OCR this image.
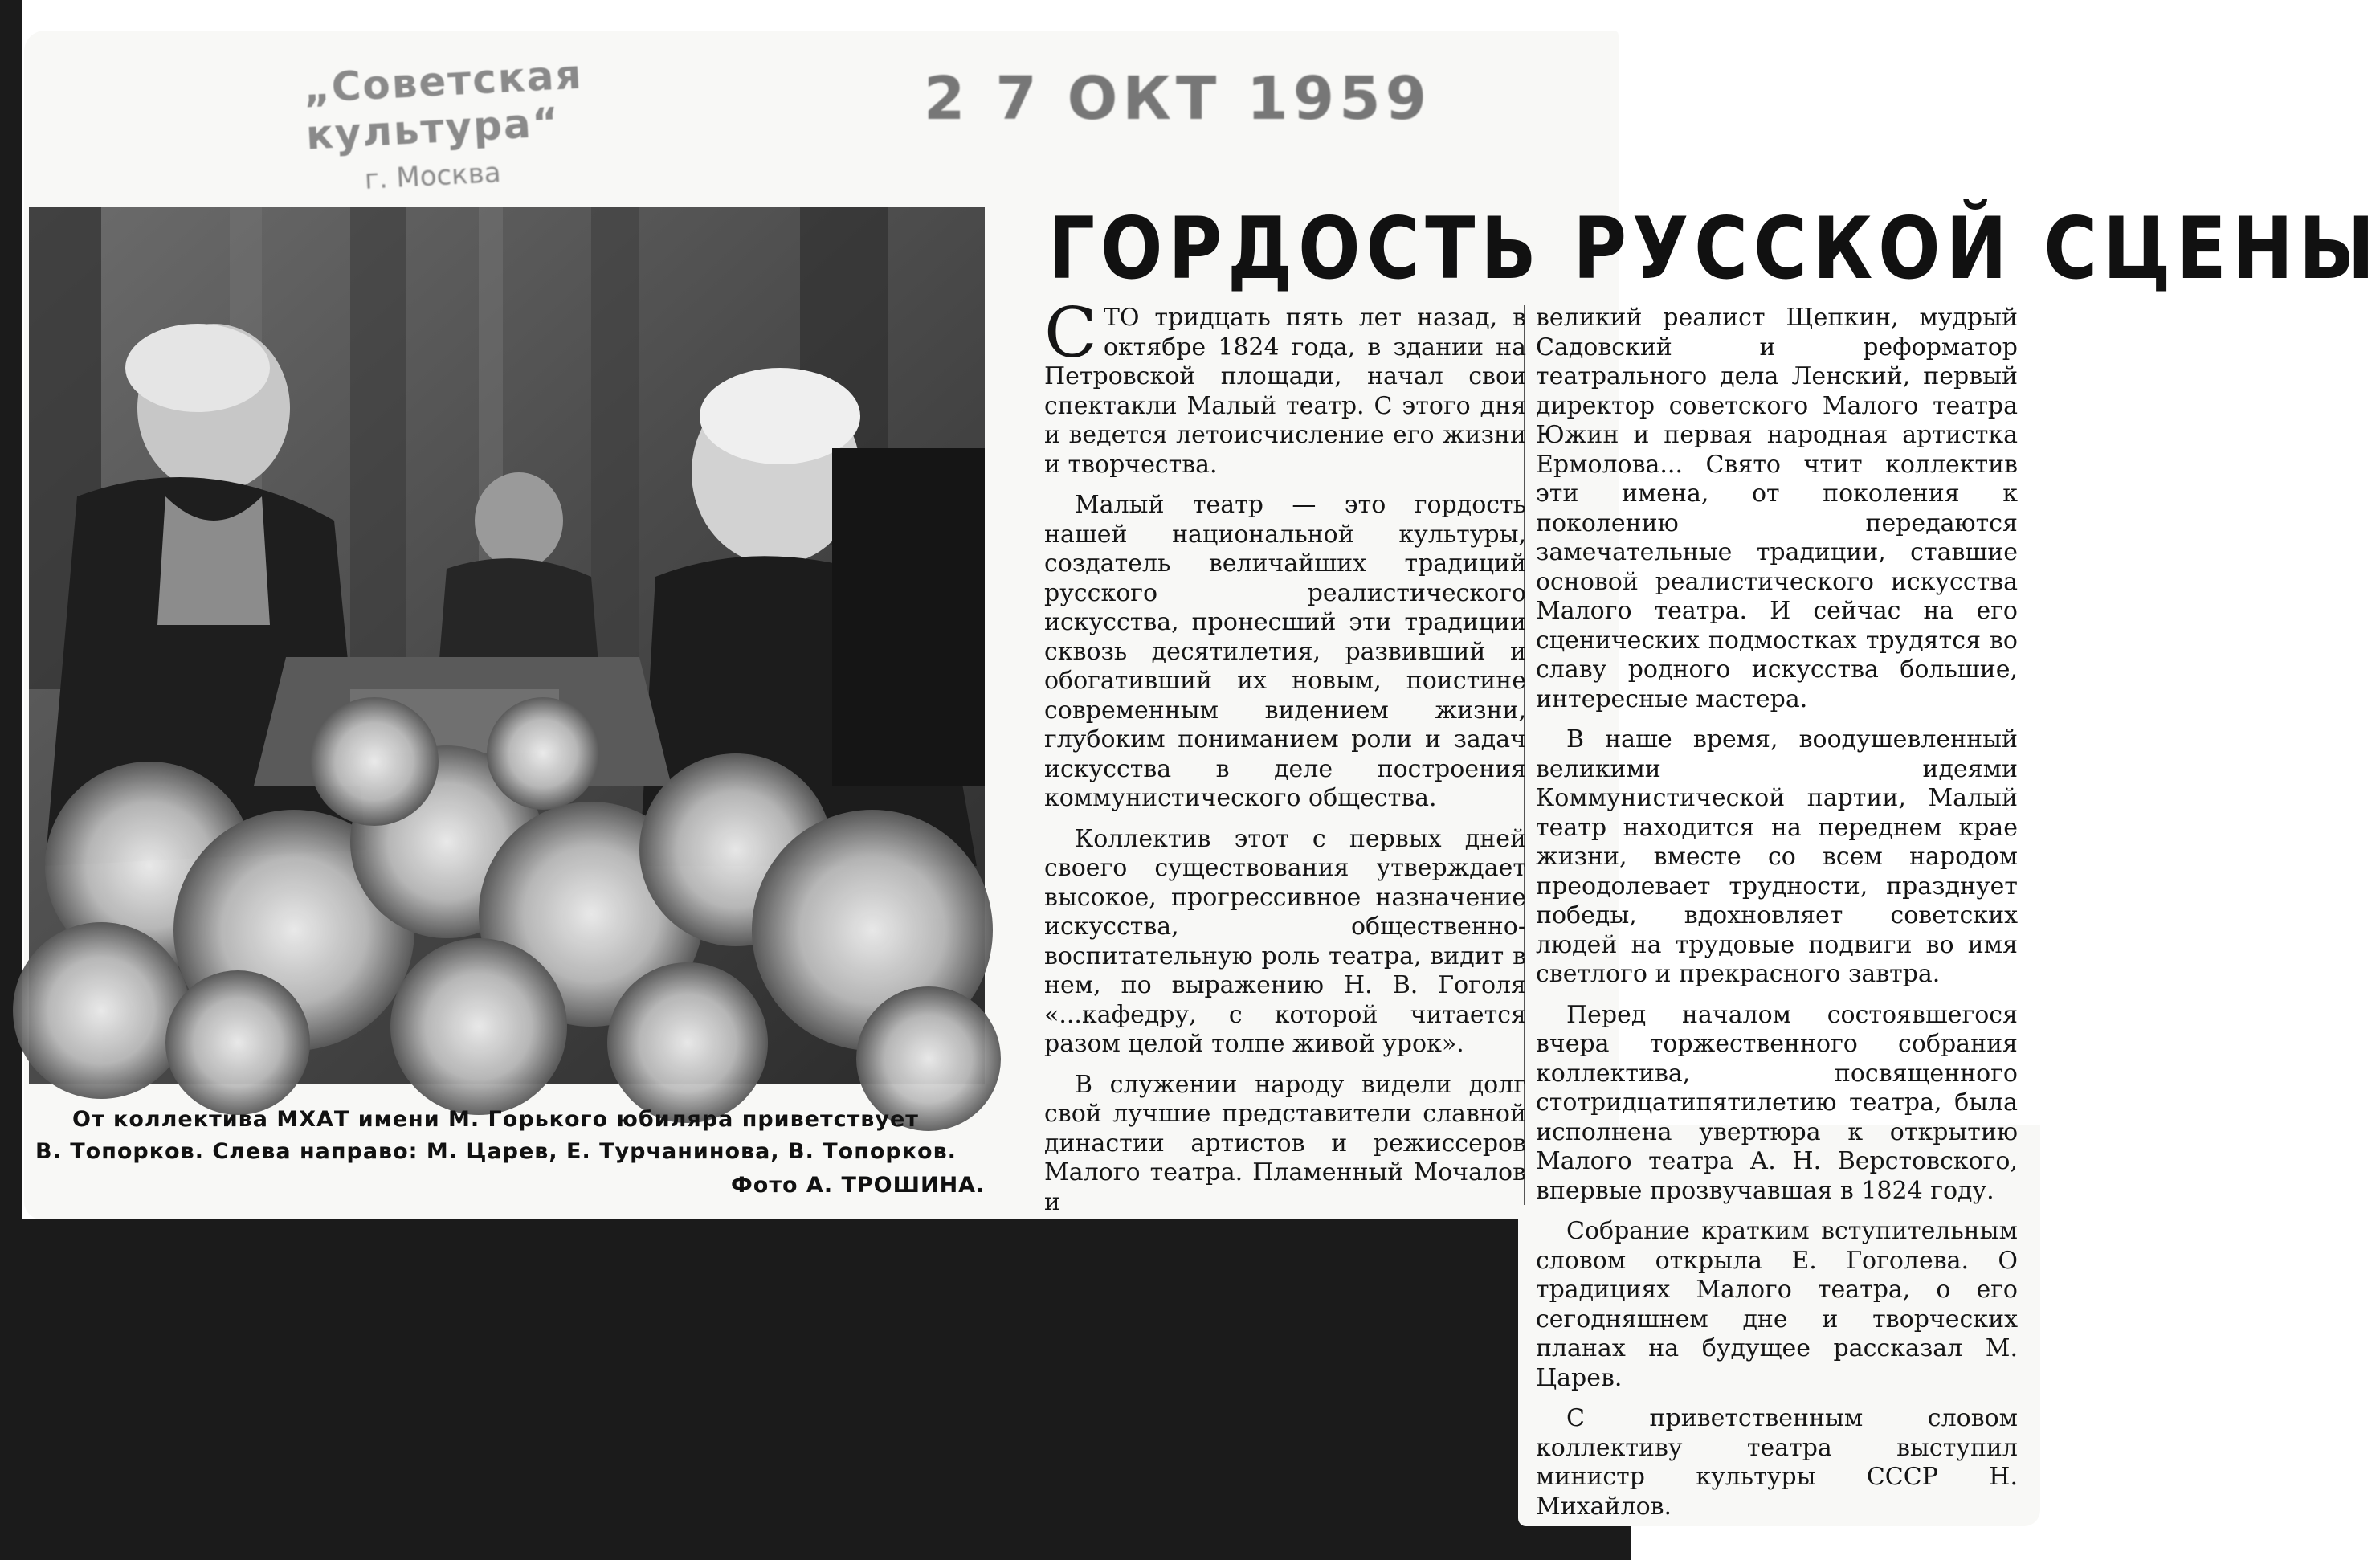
„Советская культура“
г. Москва
2 7 ОКТ 1959
От коллектива МХАТ имени М. Горького юбиляра приветствует
В. Топорков. Слева направо: М. Царев, Е. Турчанинова, В. Топорков.
Фото А. ТРОШИНА.
ГОРДОСТЬ РУССКОЙ СЦЕНЫ

СТО тридцать пять лет назад, в октябре 1824 года, в здании на Петровской площади, начал свои спектакли Малый театр. С этого дня и ведется летоисчисление его жизни и творчества.

Малый театр — это гордость нашей национальной культуры, создатель величайших традиций русского реалистического искусства, пронесший эти традиции сквозь десятилетия, развивший и обогативший их новым, поистине современным видением жизни, глубоким пониманием роли и задач искусства в деле построения коммунистического общества.

Коллектив этот с первых дней своего существования утверждает высокое, прогрессивное назначение искусства, общественно-воспитательную роль театра, видит в нем, по выражению Н. В. Гоголя «...кафедру, с которой читается разом целой толпе живой урок».

В служении народу видели долг свой лучшие представители славной династии артистов и режиссеров Малого театра. Пламенный Мочалов и

великий реалист Щепкин, мудрый Садовский и реформатор театрального дела Ленский, первый директор советского Малого театра Южин и первая народная артистка Ермолова... Свято чтит коллектив эти имена, от поколения к поколению передаются замечательные традиции, ставшие основой реалистического искусства Малого театра. И сейчас на его сценических подмостках трудятся во славу родного искусства большие, интересные мастера.

В наше время, воодушевленный великими идеями Коммунистической партии, Малый театр находится на переднем крае жизни, вместе со всем народом преодолевает трудности, празднует победы, вдохновляет советских людей на трудовые подвиги во имя светлого и прекрасного завтра.

Перед началом состоявшегося вчера торжественного собрания коллектива, посвященного стотридцатипятилетию театра, была исполнена увертюра к открытию Малого театра А. Н. Верстовского, впервые прозвучавшая в 1824 году.

Собрание кратким вступительным словом открыла Е. Гоголева. О традициях Малого театра, о его сегодняшнем дне и творческих планах на будущее рассказал М. Царев.

С приветственным словом коллективу театра выступил министр культуры СССР Н. Михайлов.
